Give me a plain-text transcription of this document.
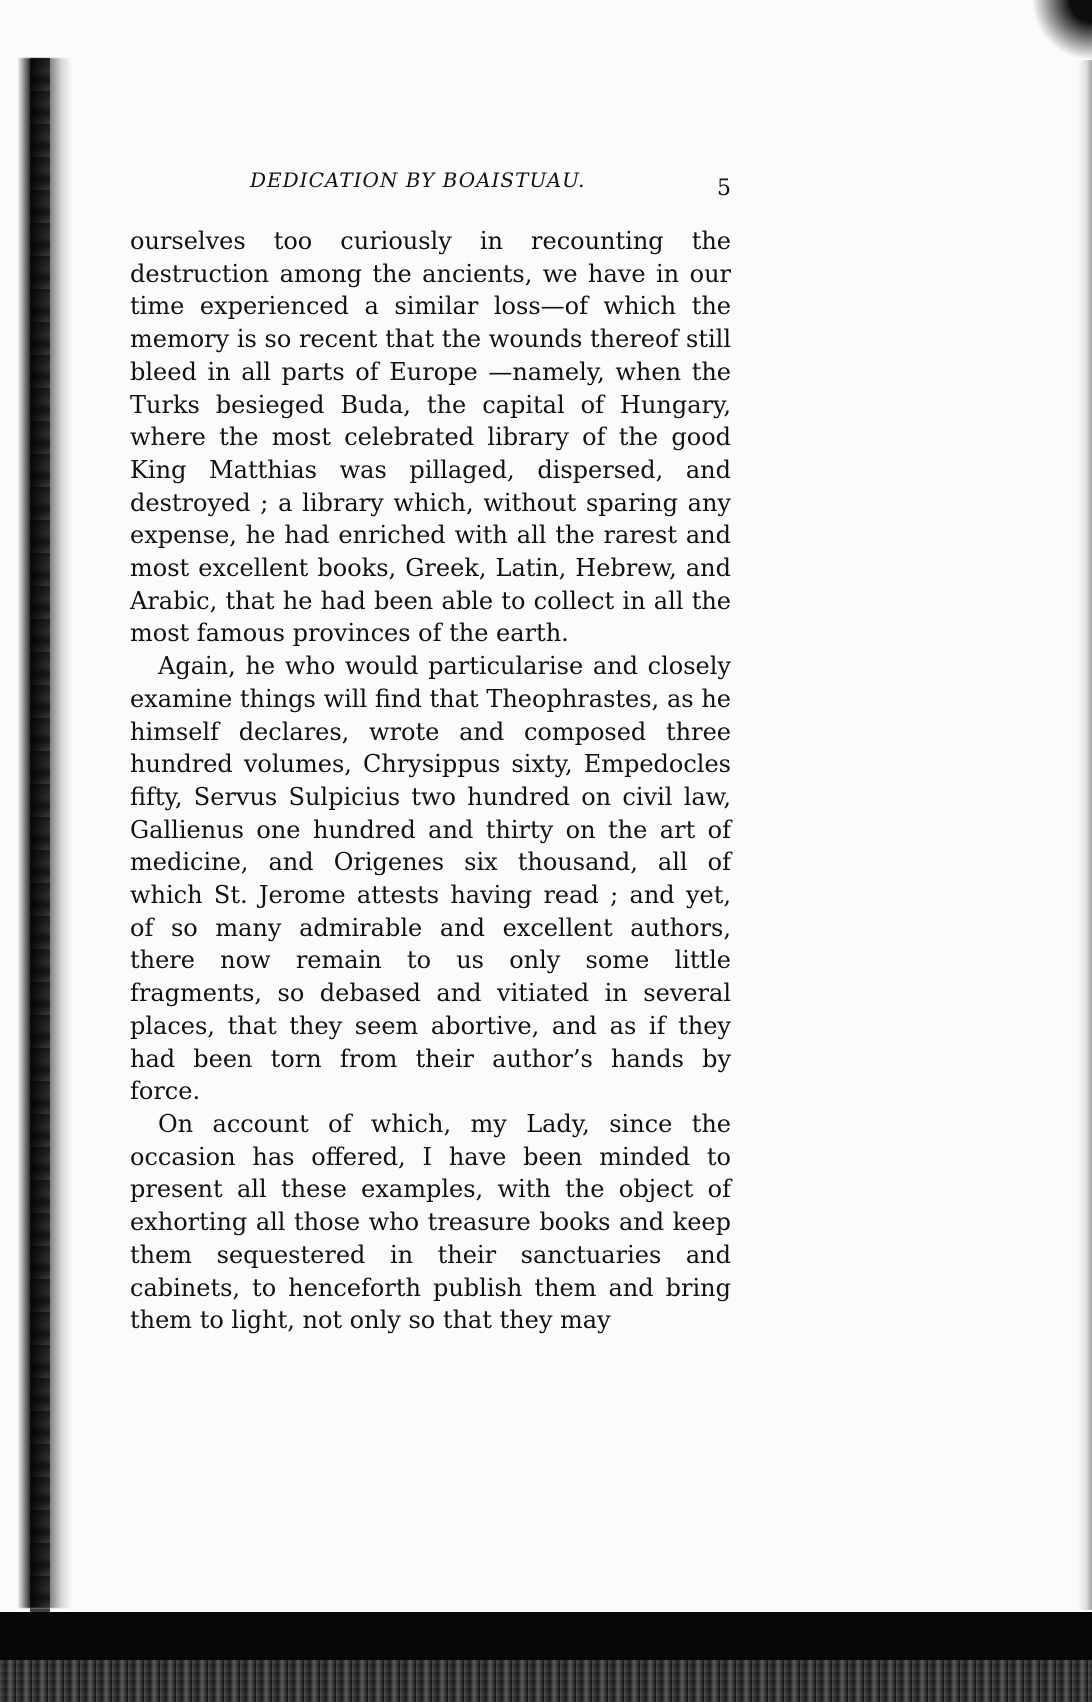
DEDICATION BY BOAISTUAU.	5

ourselves too curiously in recounting the destruction among the ancients, we have in our time experienced a similar loss—of which the memory is so recent that the wounds thereof still bleed in all parts of Europe —namely, when the Turks besieged Buda, the capital of Hungary, where the most celebrated library of the good King Matthias was pillaged, dispersed, and destroyed ; a library which, without sparing any expense, he had enriched with all the rarest and most excellent books, Greek, Latin, Hebrew, and Arabic, that he had been able to collect in all the most famous provinces of the earth.

Again, he who would particularise and closely examine things will find that Theophrastes, as he himself declares, wrote and composed three hundred volumes, Chrysippus sixty, Empedocles fifty, Servus Sulpicius two hundred on civil law, Gallienus one hundred and thirty on the art of medicine, and Origenes six thousand, all of which St. Jerome attests having read ; and yet, of so many admirable and excellent authors, there now remain to us only some little fragments, so debased and vitiated in several places, that they seem abortive, and as if they had been torn from their author’s hands by force.

On account of which, my Lady, since the occasion has offered, I have been minded to present all these examples, with the object of exhorting all those who treasure books and keep them sequestered in their sanctuaries and cabinets, to henceforth publish them and bring them to light, not only so that they may
